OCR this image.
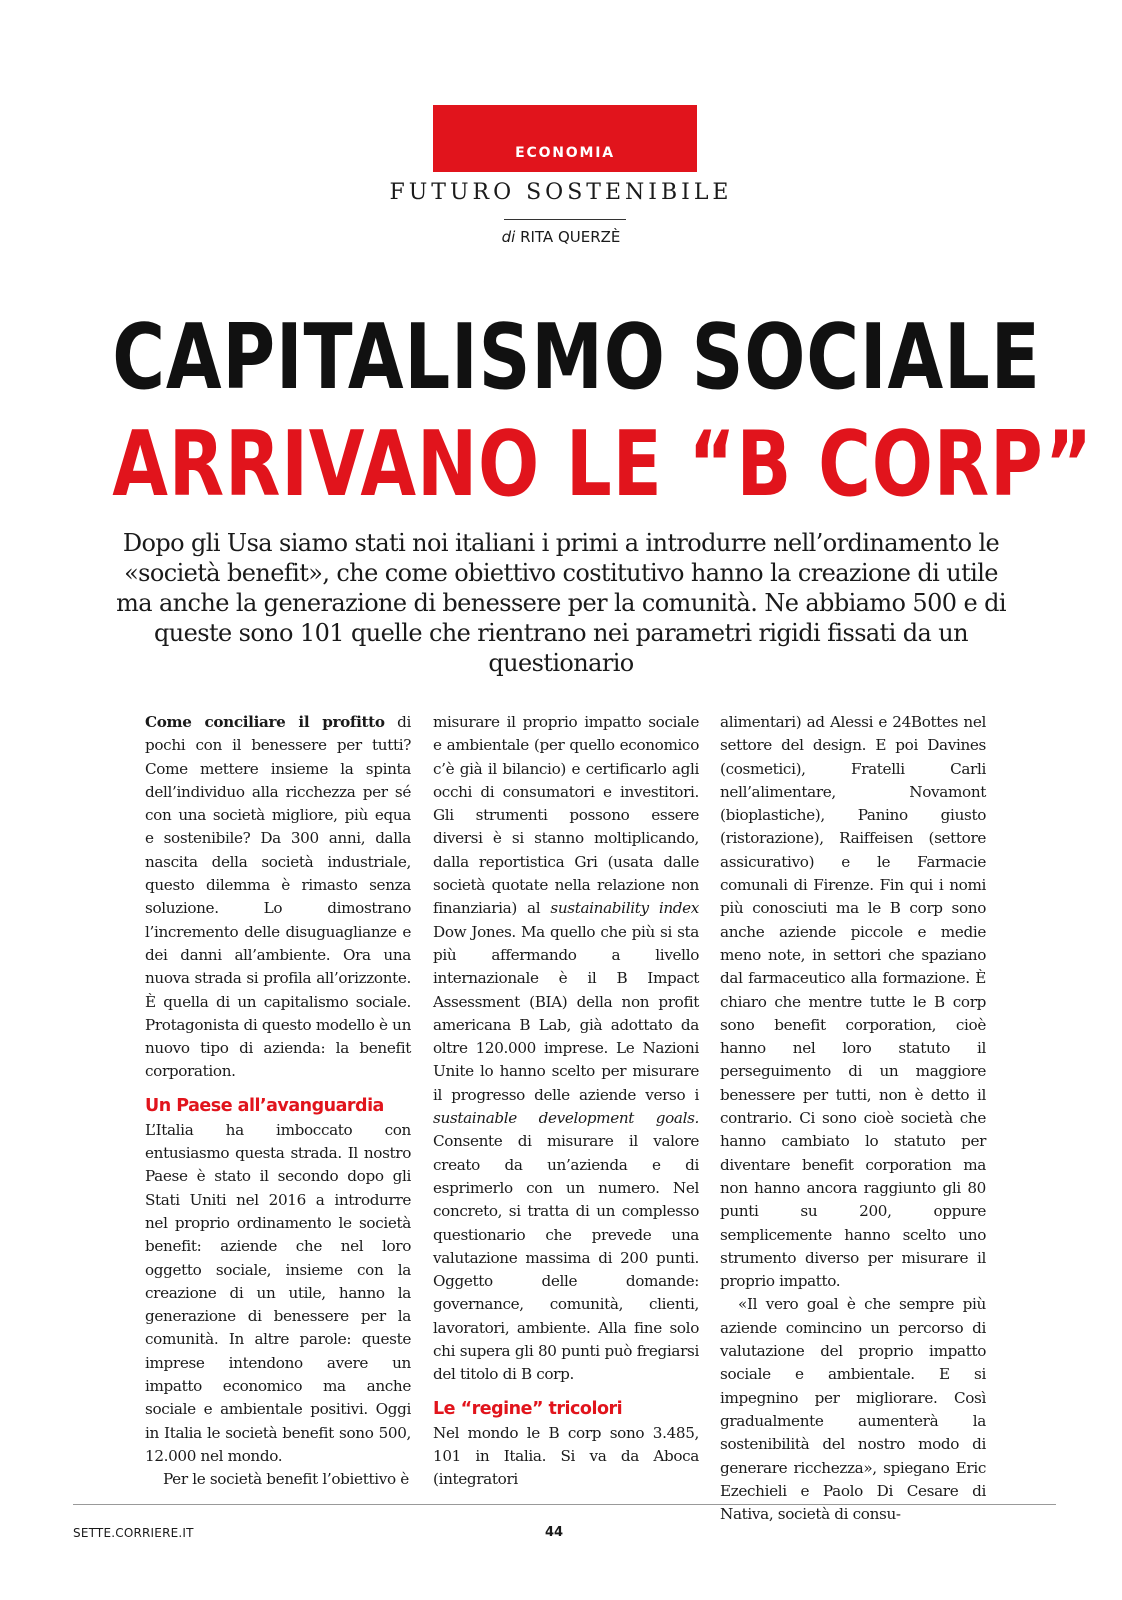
ECONOMIA
FUTURO SOSTENIBILE
di RITA QUERZÈ
CAPITALISMO SOCIALE
ARRIVANO LE “B CORP”
Dopo gli Usa siamo stati noi italiani i primi a introdurre nell’ordinamento le «società benefit», che come obiettivo costitutivo hanno la creazione di utile ma anche la generazione di benessere per la comunità. Ne abbiamo 500 e di queste sono 101 quelle che rientrano nei parametri rigidi fissati da un questionario

Come conciliare il profitto di pochi con il benessere per tutti? Come mettere insieme la spinta dell’individuo alla ricchezza per sé con una società migliore, più equa e sostenibile? Da 300 anni, dalla nascita della società industriale, questo dilemma è rimasto senza soluzione. Lo dimostrano l’incremento delle disuguaglianze e dei danni all’ambiente. Ora una nuova strada si profila all’orizzonte. È quella di un capitalismo sociale. Protagonista di questo modello è un nuovo tipo di azienda: la benefit corporation.

Un Paese all’avanguardia

L’Italia ha imboccato con entusiasmo questa strada. Il nostro Paese è stato il secondo dopo gli Stati Uniti nel 2016 a introdurre nel proprio ordinamento le società benefit: aziende che nel loro oggetto sociale, insieme con la creazione di un utile, hanno la generazione di benessere per la comunità. In altre parole: queste imprese intendono avere un impatto economico ma anche sociale e ambientale positivi. Oggi in Italia le società benefit sono 500, 12.000 nel mondo.

Per le società benefit l’obiettivo è

misurare il proprio impatto sociale e ambientale (per quello economico c’è già il bilancio) e certificarlo agli occhi di consumatori e investitori. Gli strumenti possono essere diversi è si stanno moltiplicando, dalla reportistica Gri (usata dalle società quotate nella relazione non finanziaria) al sustainability index Dow Jones. Ma quello che più si sta più affermando a livello internazionale è il B Impact Assessment (BIA) della non profit americana B Lab, già adottato da oltre 120.000 imprese. Le Nazioni Unite lo hanno scelto per misurare il progresso delle aziende verso i sustainable development goals. Consente di misurare il valore creato da un’azienda e di esprimerlo con un numero. Nel concreto, si tratta di un complesso questionario che prevede una valutazione massima di 200 punti. Oggetto delle domande: governance, comunità, clienti, lavoratori, ambiente. Alla fine solo chi supera gli 80 punti può fregiarsi del titolo di B corp.

Le “regine” tricolori

Nel mondo le B corp sono 3.485, 101 in Italia. Si va da Aboca (integratori

alimentari) ad Alessi e 24Bottes nel settore del design. E poi Davines (cosmetici), Fratelli Carli nell’alimentare, Novamont (bioplastiche), Panino giusto (ristorazione), Raiffeisen (settore assicurativo) e le Farmacie comunali di Firenze. Fin qui i nomi più conosciuti ma le B corp sono anche aziende piccole e medie meno note, in settori che spaziano dal farmaceutico alla formazione. È chiaro che mentre tutte le B corp sono benefit corporation, cioè hanno nel loro statuto il perseguimento di un maggiore benessere per tutti, non è detto il contrario. Ci sono cioè società che hanno cambiato lo statuto per diventare benefit corporation ma non hanno ancora raggiunto gli 80 punti su 200, oppure semplicemente hanno scelto uno strumento diverso per misurare il proprio impatto.

«Il vero goal è che sempre più aziende comincino un percorso di valutazione del proprio impatto sociale e ambientale. E si impegnino per migliorare. Così gradualmente aumenterà la sostenibilità del nostro modo di generare ricchezza», spiegano Eric Ezechieli e Paolo Di Cesare di Nativa, società di consu-

SETTE.CORRIERE.IT	44
